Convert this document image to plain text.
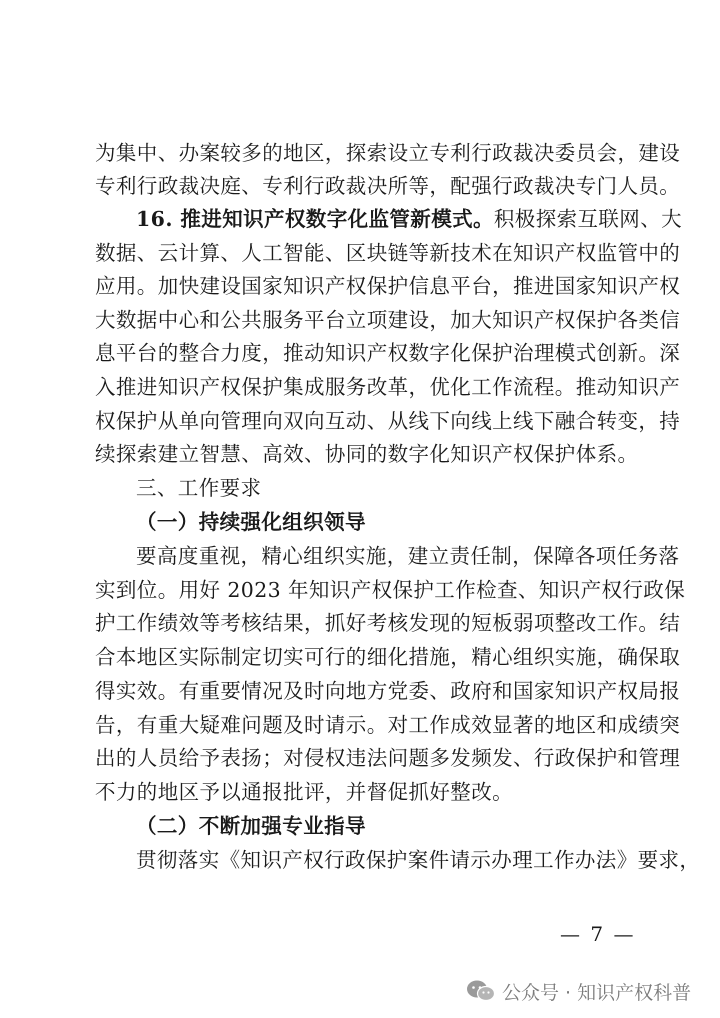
为集中、办案较多的地区，探索设立专利行政裁决委员会，建设
专利行政裁决庭、专利行政裁决所等，配强行政裁决专门人员。
16. 推进知识产权数字化监管新模式。积极探索互联网、大
数据、云计算、人工智能、区块链等新技术在知识产权监管中的
应用。加快建设国家知识产权保护信息平台，推进国家知识产权
大数据中心和公共服务平台立项建设，加大知识产权保护各类信
息平台的整合力度，推动知识产权数字化保护治理模式创新。深
入推进知识产权保护集成服务改革，优化工作流程。推动知识产
权保护从单向管理向双向互动、从线下向线上线下融合转变，持
续探索建立智慧、高效、协同的数字化知识产权保护体系。
三、工作要求
（一）持续强化组织领导
要高度重视，精心组织实施，建立责任制，保障各项任务落
实到位。用好 2023 年知识产权保护工作检查、知识产权行政保
护工作绩效等考核结果，抓好考核发现的短板弱项整改工作。结
合本地区实际制定切实可行的细化措施，精心组织实施，确保取
得实效。有重要情况及时向地方党委、政府和国家知识产权局报
告，有重大疑难问题及时请示。对工作成效显著的地区和成绩突
出的人员给予表扬；对侵权违法问题多发频发、行政保护和管理
不力的地区予以通报批评，并督促抓好整改。
（二）不断加强专业指导
贯彻落实《知识产权行政保护案件请示办理工作办法》要求，
— 7 —
公众号 · 知识产权科普
